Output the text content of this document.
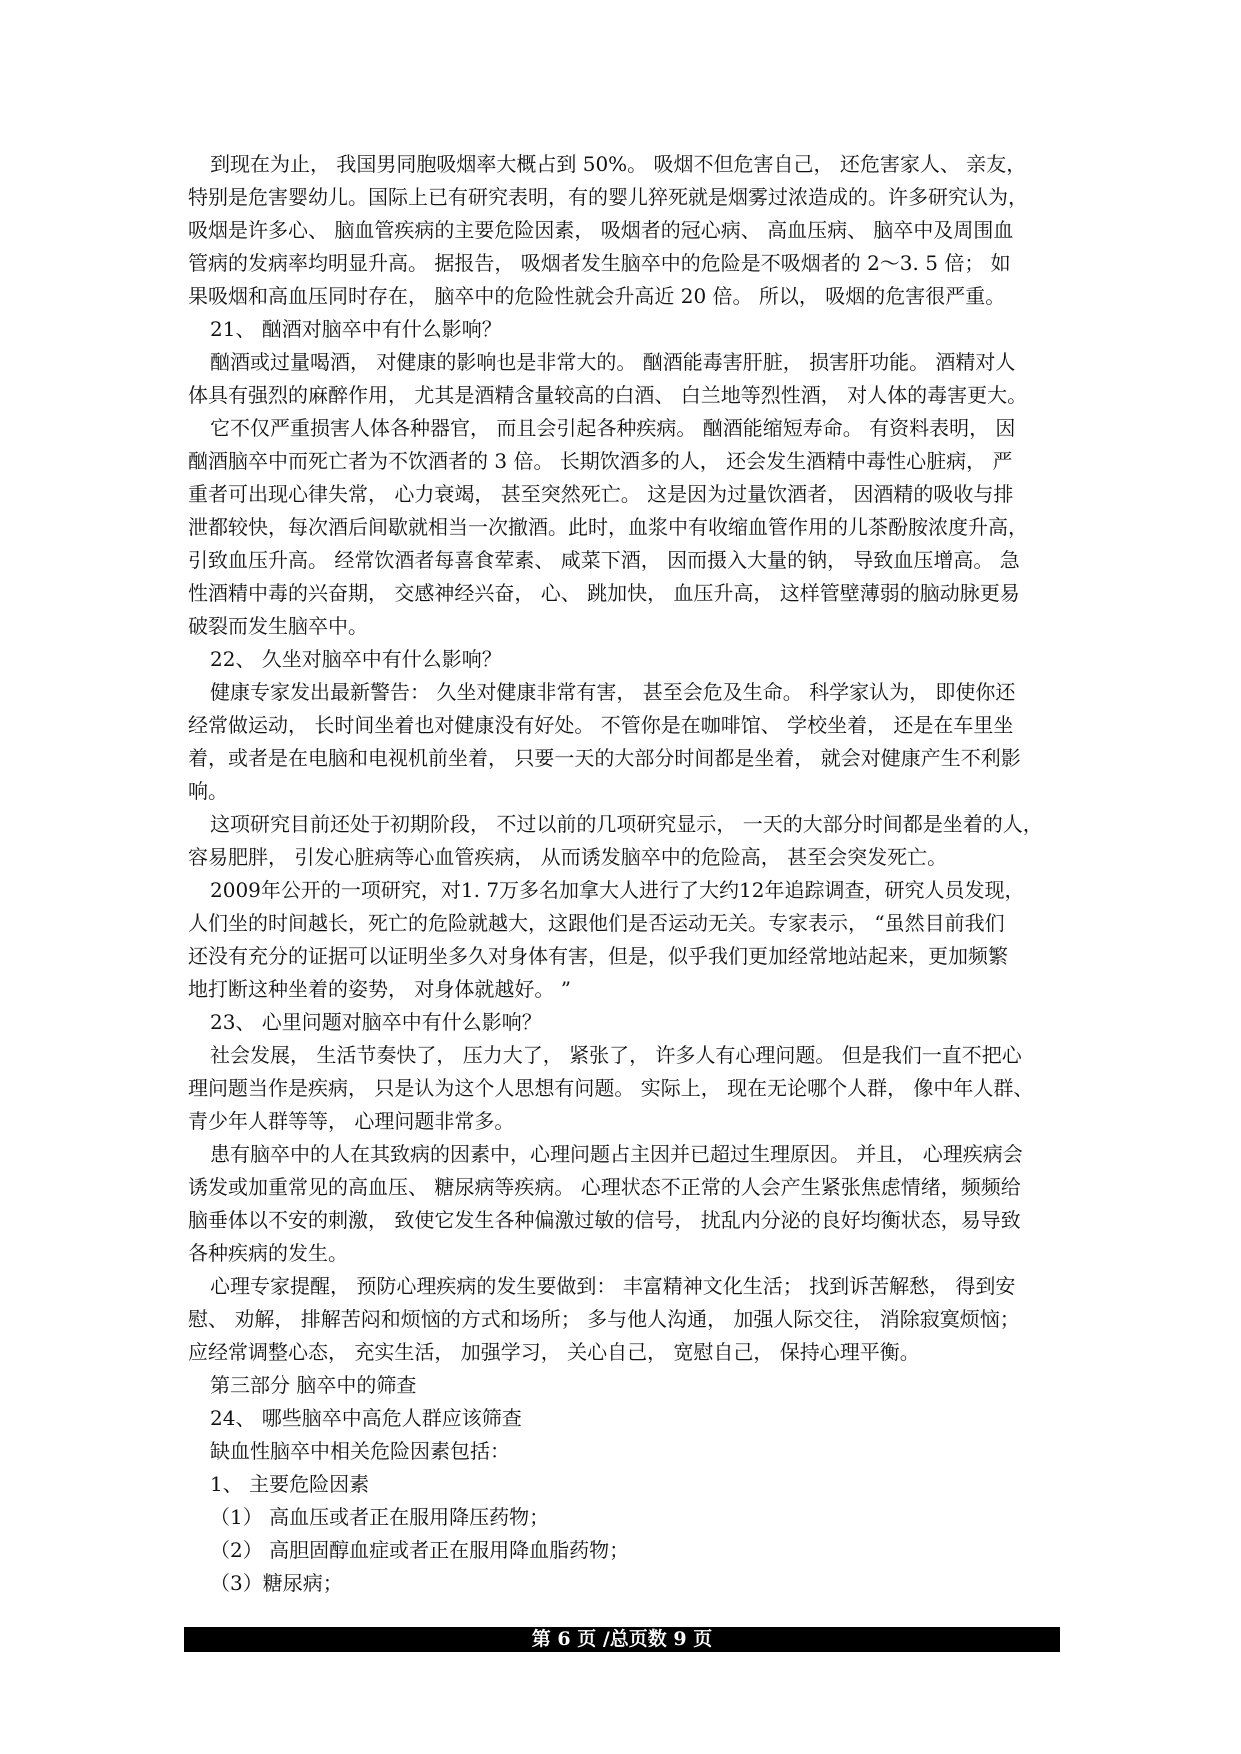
到现在为止， 我国男同胞吸烟率大概占到 50%。 吸烟不但危害自己， 还危害家人、 亲友，
特别是危害婴幼儿。国际上已有研究表明，有的婴儿猝死就是烟雾过浓造成的。许多研究认为，
吸烟是许多心、 脑血管疾病的主要危险因素， 吸烟者的冠心病、 高血压病、 脑卒中及周围血
管病的发病率均明显升高。 据报告， 吸烟者发生脑卒中的危险是不吸烟者的 2～3. 5 倍； 如
果吸烟和高血压同时存在， 脑卒中的危险性就会升高近 20 倍。 所以， 吸烟的危害很严重。
21、 酗酒对脑卒中有什么影响？
酗酒或过量喝酒， 对健康的影响也是非常大的。 酗酒能毒害肝脏， 损害肝功能。 酒精对人
体具有强烈的麻醉作用， 尤其是酒精含量较高的白酒、 白兰地等烈性酒， 对人体的毒害更大。
它不仅严重损害人体各种器官， 而且会引起各种疾病。 酗酒能缩短寿命。 有资料表明， 因
酗酒脑卒中而死亡者为不饮酒者的 3 倍。 长期饮酒多的人， 还会发生酒精中毒性心脏病， 严
重者可出现心律失常， 心力衰竭， 甚至突然死亡。 这是因为过量饮酒者， 因酒精的吸收与排
泄都较快，每次酒后间歇就相当一次撤酒。此时，血浆中有收缩血管作用的儿茶酚胺浓度升高，
引致血压升高。 经常饮酒者每喜食荤素、 咸菜下酒， 因而摄入大量的钠， 导致血压增高。 急
性酒精中毒的兴奋期， 交感神经兴奋， 心、 跳加快， 血压升高， 这样管壁薄弱的脑动脉更易
破裂而发生脑卒中。
22、 久坐对脑卒中有什么影响？
健康专家发出最新警告： 久坐对健康非常有害， 甚至会危及生命。 科学家认为， 即使你还
经常做运动， 长时间坐着也对健康没有好处。 不管你是在咖啡馆、 学校坐着， 还是在车里坐
着，或者是在电脑和电视机前坐着， 只要一天的大部分时间都是坐着， 就会对健康产生不利影
响。
这项研究目前还处于初期阶段， 不过以前的几项研究显示， 一天的大部分时间都是坐着的人，
容易肥胖， 引发心脏病等心血管疾病， 从而诱发脑卒中的危险高， 甚至会突发死亡。
2009年公开的一项研究，对1. 7万多名加拿大人进行了大约12年追踪调查，研究人员发现，
人们坐的时间越长，死亡的危险就越大，这跟他们是否运动无关。专家表示， “虽然目前我们
还没有充分的证据可以证明坐多久对身体有害，但是，似乎我们更加经常地站起来，更加频繁
地打断这种坐着的姿势， 对身体就越好。 ”
23、 心里问题对脑卒中有什么影响？
社会发展， 生活节奏快了， 压力大了， 紧张了， 许多人有心理问题。 但是我们一直不把心
理问题当作是疾病， 只是认为这个人思想有问题。 实际上， 现在无论哪个人群， 像中年人群、
青少年人群等等， 心理问题非常多。
患有脑卒中的人在其致病的因素中，心理问题占主因并已超过生理原因。 并且， 心理疾病会
诱发或加重常见的高血压、 糖尿病等疾病。 心理状态不正常的人会产生紧张焦虑情绪，频频给
脑垂体以不安的刺激， 致使它发生各种偏激过敏的信号， 扰乱内分泌的良好均衡状态，易导致
各种疾病的发生。
心理专家提醒， 预防心理疾病的发生要做到： 丰富精神文化生活； 找到诉苦解愁， 得到安
慰、 劝解， 排解苦闷和烦恼的方式和场所； 多与他人沟通， 加强人际交往， 消除寂寞烦恼；
应经常调整心态， 充实生活， 加强学习， 关心自己， 宽慰自己， 保持心理平衡。
第三部分 脑卒中的筛查
24、 哪些脑卒中高危人群应该筛查
缺血性脑卒中相关危险因素包括：
1、 主要危险因素
（1） 高血压或者正在服用降压药物；
（2） 高胆固醇血症或者正在服用降血脂药物；
（3）糖尿病；
第 6 页 /总页数 9 页
